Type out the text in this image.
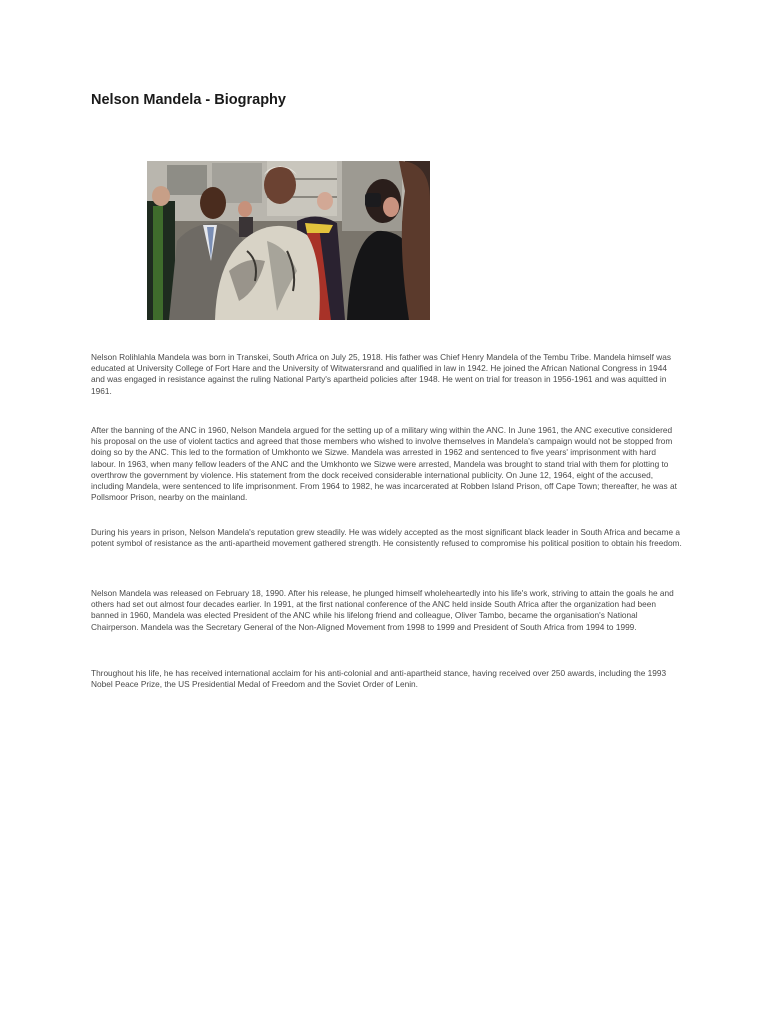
Nelson Mandela - Biography

Nelson Rolihlahla Mandela was born in Transkei, South Africa on July 25, 1918. His father was Chief Henry Mandela of the Tembu Tribe. Mandela himself was educated at University College of Fort Hare and the University of Witwatersrand and qualified in law in 1942. He joined the African National Congress in 1944 and was engaged in resistance against the ruling National Party's apartheid policies after 1948. He went on trial for treason in 1956-1961 and was aquitted in 1961.

After the banning of the ANC in 1960, Nelson Mandela argued for the setting up of a military wing within the ANC. In June 1961, the ANC executive considered his proposal on the use of violent tactics and agreed that those members who wished to involve themselves in Mandela's campaign would not be stopped from doing so by the ANC. This led to the formation of Umkhonto we Sizwe. Mandela was arrested in 1962 and sentenced to five years' imprisonment with hard labour. In 1963, when many fellow leaders of the ANC and the Umkhonto we Sizwe were arrested, Mandela was brought to stand trial with them for plotting to overthrow the government by violence. His statement from the dock received considerable international publicity. On June 12, 1964, eight of the accused, including Mandela, were sentenced to life imprisonment. From 1964 to 1982, he was incarcerated at Robben Island Prison, off Cape Town; thereafter, he was at Pollsmoor Prison, nearby on the mainland.

During his years in prison, Nelson Mandela's reputation grew steadily. He was widely accepted as the most significant black leader in South Africa and became a potent symbol of resistance as the anti-apartheid movement gathered strength. He consistently refused to compromise his political position to obtain his freedom.

Nelson Mandela was released on February 18, 1990. After his release, he plunged himself wholeheartedly into his life's work, striving to attain the goals he and others had set out almost four decades earlier. In 1991, at the first national conference of the ANC held inside South Africa after the organization had been banned in 1960, Mandela was elected President of the ANC while his lifelong friend and colleague, Oliver Tambo, became the organisation's National Chairperson. Mandela was the Secretary General of the Non-Aligned Movement from 1998 to 1999 and President of South Africa from 1994 to 1999.

Throughout his life, he has received international acclaim for his anti-colonial and anti-apartheid stance, having received over 250 awards, including the 1993 Nobel Peace Prize, the US Presidential Medal of Freedom and the Soviet Order of Lenin.
